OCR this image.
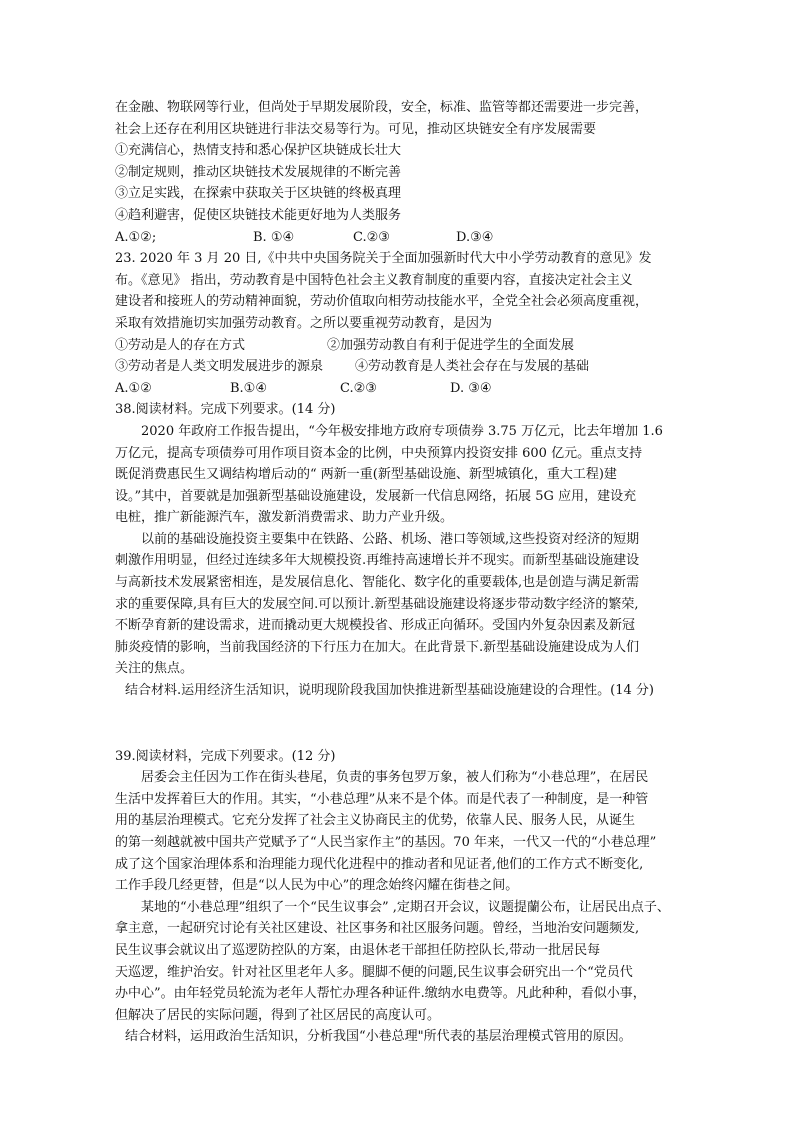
在金融、物联网等行业，但尚处于早期发展阶段，安全，标准、监管等都还需要进一步完善，

社会上还存在利用区块链进行非法交易等行为。可见，推动区块链安全有序发展需要

①充满信心，热情支持和悉心保护区块链成长壮大

②制定规则，推动区块链技术发展规律的不断完善

③立足实践，在探索中获取关于区块链的终极真理

④趋利避害，促使区块链技术能更好地为人类服务

A.①②;	B. ①④	C.②③	D.③④

23. 2020 年 3 月 20 日,《中共中央国务院关于全面加强新时代大中小学劳动教育的意见》发

布。《意见》 指出，劳动教育是中国特色社会主义教育制度的重要内容，直接决定社会主义

建设者和接班人的劳动精神面貌，劳动价值取向相劳动技能水平，全党全社会必须高度重视，

采取有效措施切实加强劳动教育。之所以要重视劳动教育，是因为

①劳动是人的存在方式	②加强劳动教自有利于促进学生的全面发展
③劳动者是人类文明发展进步的源泉	④劳动教育是人类社会存在与发展的基础
A.①②	B.①④	C.②③	D. ③④

38.阅读材料。完成下列要求。(14 分)

2020 年政府工作报告提出，“今年极安排地方政府专项债券 3.75 万亿元，比去年增加 1.6

万亿元，提高专项债券可用作项目资本金的比例，中央预算内投资安排 600 亿元。重点支持

既促消费惠民生又调结构增后动的“ 两新一重(新型基础设施、新型城镇化，重大工程)建

设。”其中，首要就是加强新型基础设施建设，发展新一代信息网络，拓展 5G 应用，建设充

电桩，推广新能源汽车，激发新消费需求、助力产业升级。

以前的基础设施投资主要集中在铁路、公路、机场、港口等领域,这些投资对经济的短期

刺激作用明显，但经过连续多年大规模投资.再维持高速增长并不现实。而新型基础设施建设

与高新技术发展紧密相连，是发展信息化、智能化、数字化的重要载体,也是创造与满足新需

求的重要保障,具有巨大的发展空间.可以预计.新型基础设施建设将逐步带动数字经济的繁荣,

不断孕育新的建设需求，进而撬动更大规模投省、形成正向循环。受国内外复杂因素及新冠

肺炎疫情的影响，当前我国经济的下行压力在加大。在此背景下.新型基础设施建设成为人们

关注的焦点。

结合材料.运用经济生活知识，说明现阶段我国加快推进新型基础设施建设的合理性。(14 分)

39.阅读材料，完成下列要求。(12 分)

居委会主任因为工作在街头巷尾，负责的事务包罗万象，被人们称为“小巷总理”，在居民

生活中发挥着巨大的作用。其实，“小巷总理”从来不是个体。而是代表了一种制度，是一种管

用的基层治理模式。它充分发挥了社会主义协商民主的优势，依靠人民、服务人民，从诞生

的第一刻越就被中国共产党赋予了“人民当家作主”的基因。70 年来，一代又一代的“小巷总理”

成了这个国家治理体系和治理能力现代化进程中的推动者和见证者,他们的工作方式不断变化,

工作手段几经更替，但是“以人民为中心”的理念始终闪耀在街巷之间。

某地的“小巷总理”组织了一个“民生议事会” ,定期召开会议，议题提蘭公布，让居民出点子、

拿主意，一起研究讨论有关社区建设、社区事务和社区服务问题。曾经，当地治安问题频发,

民生议事会就议出了巡逻防控队的方案，由退休老干部担任防控队长,带动一批居民每

天巡逻，维护治安。针对社区里老年人多。腿脚不便的问题,民生议事会研究出一个“党员代

办中心”。由年轻党员轮流为老年人帮忙办理各种证件.缴纳水电费等。凡此种种，看似小事，

但解决了居民的实际问题，得到了社区居民的高度认可。

结合材料，运用政治生活知识，分析我国“小巷总理"所代表的基层治理模式管用的原因。
